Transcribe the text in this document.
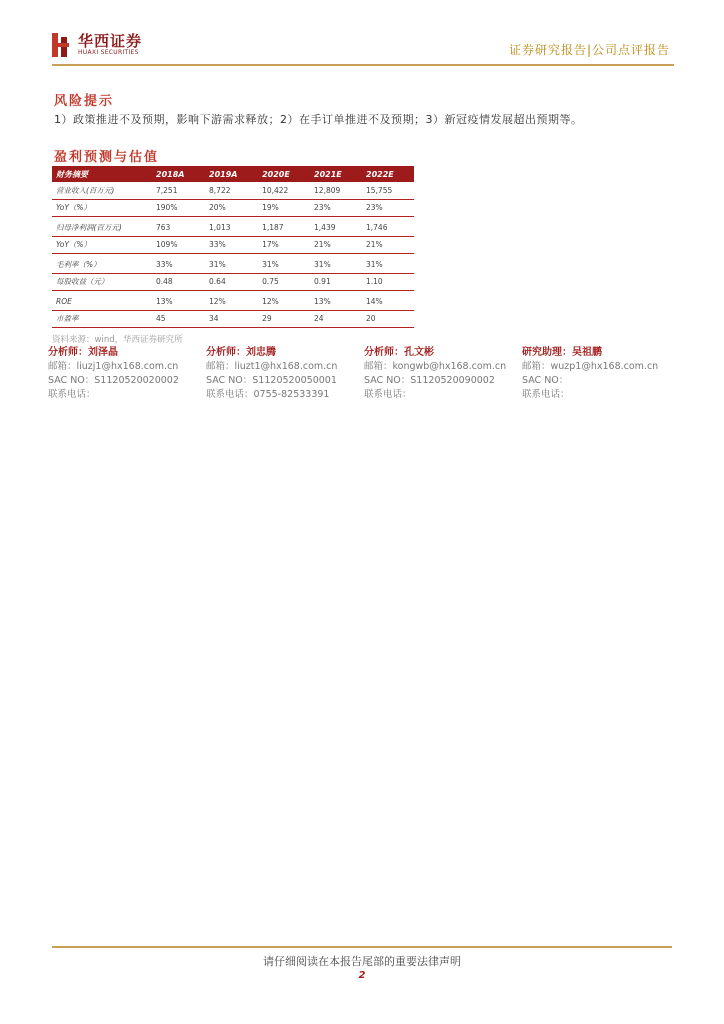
华西证券
HUAXI SECURITIES	证券研究报告|公司点评报告
风险提示
1）政策推进不及预期，影响下游需求释放；2）在手订单推进不及预期；3）新冠疫情发展超出预期等。
盈利预测与估值
财务摘要	2018A	2019A	2020E	2021E	2022E
营业收入(百万元)	7,251	8,722	10,422	12,809	15,755
YoY（%）	190%	20%	19%	23%	23%

归母净利润(百万元)	763	1,013	1,187	1,439	1,746
YoY（%）	109%	33%	17%	21%	21%

毛利率（%）	33%	31%	31%	31%	31%
每股收益（元）	0.48	0.64	0.75	0.91	1.10

ROE	13%	12%	12%	13%	14%
市盈率	45	34	29	24	20
资料来源：wind，华西证券研究所
分析师：刘泽晶
邮箱：liuzj1@hx168.com.cn
SAC NO：S1120520020002
联系电话：
分析师：刘忠腾
邮箱：liuzt1@hx168.com.cn
SAC NO：S1120520050001
联系电话：0755-82533391
分析师：孔文彬
邮箱：kongwb@hx168.com.cn
SAC NO：S1120520090002
联系电话：
研究助理：吴祖鹏
邮箱：wuzp1@hx168.com.cn
SAC NO：
联系电话：
请仔细阅读在本报告尾部的重要法律声明
2
